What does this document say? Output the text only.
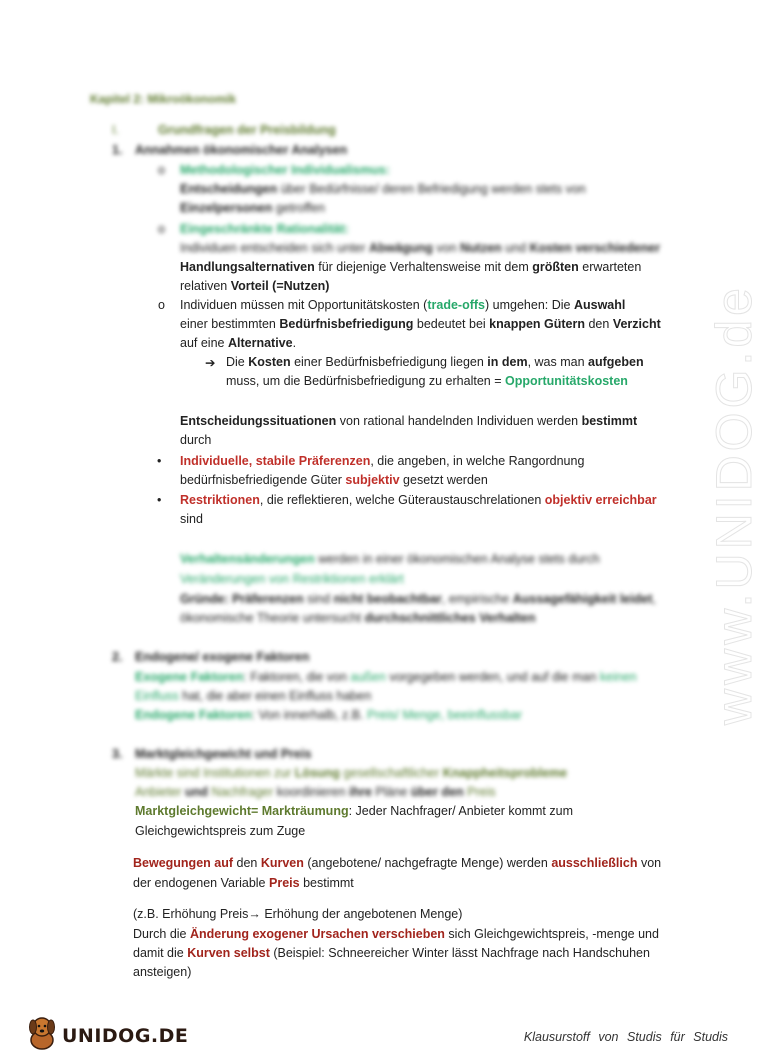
www.UNIDOG.de
Kapitel 2: Mikroökonomik
I.	Grundfragen der Preisbildung
1. Annahmen ökonomischer Analysen
o Methodologischer Individualismus:
Entscheidungen über Bedürfnisse/ deren Befriedigung werden stets von
Einzelpersonen getroffen
o Eingeschränkte Rationalität:
Individuen entscheiden sich unter Abwägung von Nutzen und Kosten verschiedener
Handlungsalternativen für diejenige Verhaltensweise mit dem größten erwarteten
relativen Vorteil (=Nutzen)
o Individuen müssen mit Opportunitätskosten (trade-offs) umgehen: Die Auswahl
einer bestimmten Bedürfnisbefriedigung bedeutet bei knappen Gütern den Verzicht
auf eine Alternative.
➔ Die Kosten einer Bedürfnisbefriedigung liegen in dem, was man aufgeben
muss, um die Bedürfnisbefriedigung zu erhalten = Opportunitätskosten
Entscheidungssituationen von rational handelnden Individuen werden bestimmt
durch
• Individuelle, stabile Präferenzen, die angeben, in welche Rangordnung
bedürfnisbefriedigende Güter subjektiv gesetzt werden
• Restriktionen, die reflektieren, welche Güteraustauschrelationen objektiv erreichbar
sind
Verhaltensänderungen werden in einer ökonomischen Analyse stets durch
Veränderungen von Restriktionen erklärt
Gründe: Präferenzen sind nicht beobachtbar, empirische Aussagefähigkeit leidet,
ökonomische Theorie untersucht durchschnittliches Verhalten
2. Endogene/ exogene Faktoren
Exogene Faktoren: Faktoren, die von außen vorgegeben werden, und auf die man keinen
Einfluss hat, die aber einen Einfluss haben
Endogene Faktoren: Von innerhalb, z.B. Preis/ Menge, beeinflussbar
3. Marktgleichgewicht und Preis
Märkte sind Institutionen zur Lösung gesellschaftlicher Knappheitsprobleme
Anbieter und Nachfrager koordinieren ihre Pläne über den Preis
Marktgleichgewicht= Markträumung: Jeder Nachfrager/ Anbieter kommt zum
Gleichgewichtspreis zum Zuge
Bewegungen auf den Kurven (angebotene/ nachgefragte Menge) werden ausschließlich von
der endogenen Variable Preis bestimmt
(z.B. Erhöhung Preis→ Erhöhung der angebotenen Menge)
Durch die Änderung exogener Ursachen verschieben sich Gleichgewichtspreis, -menge und
damit die Kurven selbst (Beispiel: Schneereicher Winter lässt Nachfrage nach Handschuhen
ansteigen)
UNIDOG.DE	Klausurstoff von Studis für Studis
